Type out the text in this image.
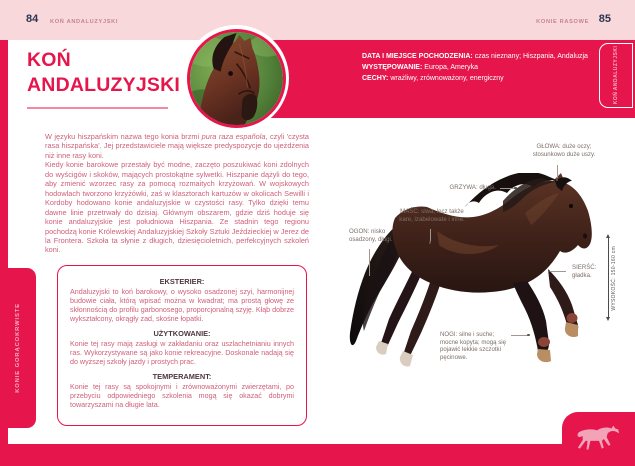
84 KOŃ ANDALUZYJSKI	KONIE RASOWE 85
KOŃ
ANDALUZYJSKI
DATA I MIEJSCE POCHODZENIA: czas nieznany; Hiszpania, Andaluzja
WYSTĘPOWANIE: Europa, Ameryka
CECHY: wrażliwy, zrównoważony, energiczny
KONIE GORĄCOKRWISTE
KOŃ
ANDALUZYJSKI

W języku hiszpańskim nazwa tego konia brzmi pura raza española, czyli 'czysta rasa hiszpańska'. Jej przedstawiciele mają większe predyspozycje do ujeżdżenia niż inne rasy koni.

Kiedy konie barokowe przestały być modne, zaczęto poszukiwać koni zdolnych do wyścigów i skoków, mających prostokątne sylwetki. Hiszpanie dążyli do tego, aby zmienić wzorzec rasy za pomocą rozmaitych krzyżowań. W wojskowych hodowlach tworzono krzyżówki, zaś w klasztorach kartuzów w okolicach Sewilli i Kordoby hodowano konie andaluzyjskie w czystości rasy. Tylko dzięki temu dawne linie przetrwały do dzisiaj. Głównym obszarem, gdzie dziś hoduje się konie andaluzyjskie jest południowa Hiszpania. Ze stadnin tego regionu pochodzą konie Królewskiej Andaluzyjskiej Szkoły Sztuki Jeździeckiej w Jerez de la Frontera. Szkoła ta słynie z długich, dziesięcioletnich, perfekcyjnych szkoleń koni.

EKSTERIER:
Andaluzyjski to koń barokowy, o wysoko osadzonej szyi, harmonijnej budowie ciała, którą wpisać można w kwadrat; ma prostą głowę ze skłonnością do profilu garbonosego, proporcjonalną szyję. Kłąb dobrze wykształcony, okrągły zad, skośne łopatki.
UŻYTKOWANIE:
Konie tej rasy mają zasługi w zakładaniu oraz uszlachetnianiu innych ras. Wykorzystywane są jako konie rekreacyjne. Doskonale nadają się do wyższej szkoły jazdy i prostych prac.
TEMPERAMENT:
Konie tej rasy są spokojnymi i zrównoważonymi zwierzętami, po przebyciu odpowiedniego szkolenia mogą się okazać dobrymi towarzyszami na długie lata.
GŁOWA: duże oczy; stosunkowo duże uszy.
GRZYWA: długa.
MAŚĆ: siwa, lecz także kare, izabelowate i inne.
OGON: nisko osadzony, długi.
SIERŚĆ: gładka.
NOGI: silne i suche; mocne kopyta; mogą się pojawić lekkie szczotki pęcinowe.
WYSOKOŚĆ: 150-160 cm
